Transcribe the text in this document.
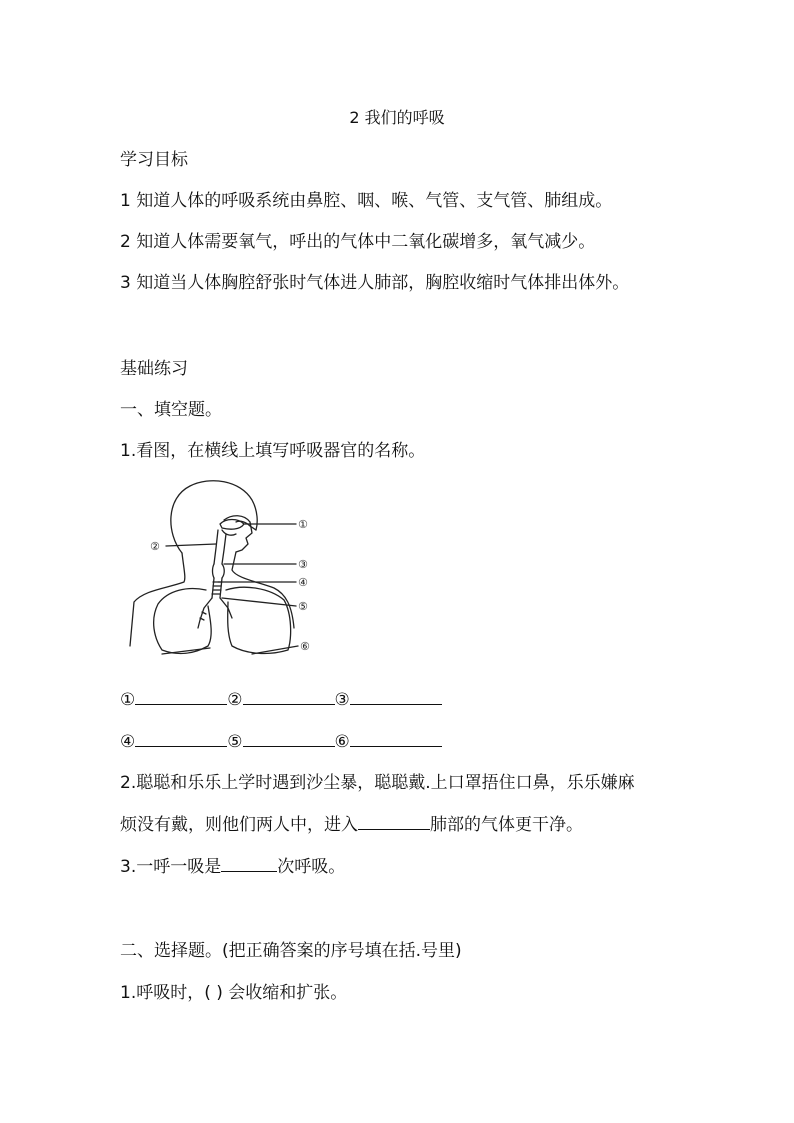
2 我们的呼吸
学习目标
1 知道人体的呼吸系统由鼻腔、咽、喉、气管、支气管、肺组成。
2 知道人体需要氧气，呼出的气体中二氧化碳增多，氧气减少。
3 知道当人体胸腔舒张时气体进人肺部，胸腔收缩时气体排出体外。
基础练习
一、填空题。
1.看图，在横线上填写呼吸器官的名称。
①
②
③
④
⑤
⑥
①	②	③
④	⑤	⑥
2.聪聪和乐乐上学时遇到沙尘暴，聪聪戴.上口罩捂住口鼻，乐乐嫌麻
烦没有戴，则他们两人中，进入	肺部的气体更干净。
3.一呼一吸是	次呼吸。
二、选择题。(把正确答案的序号填在括.号里)
1.呼吸时，( ) 会收缩和扩张。
